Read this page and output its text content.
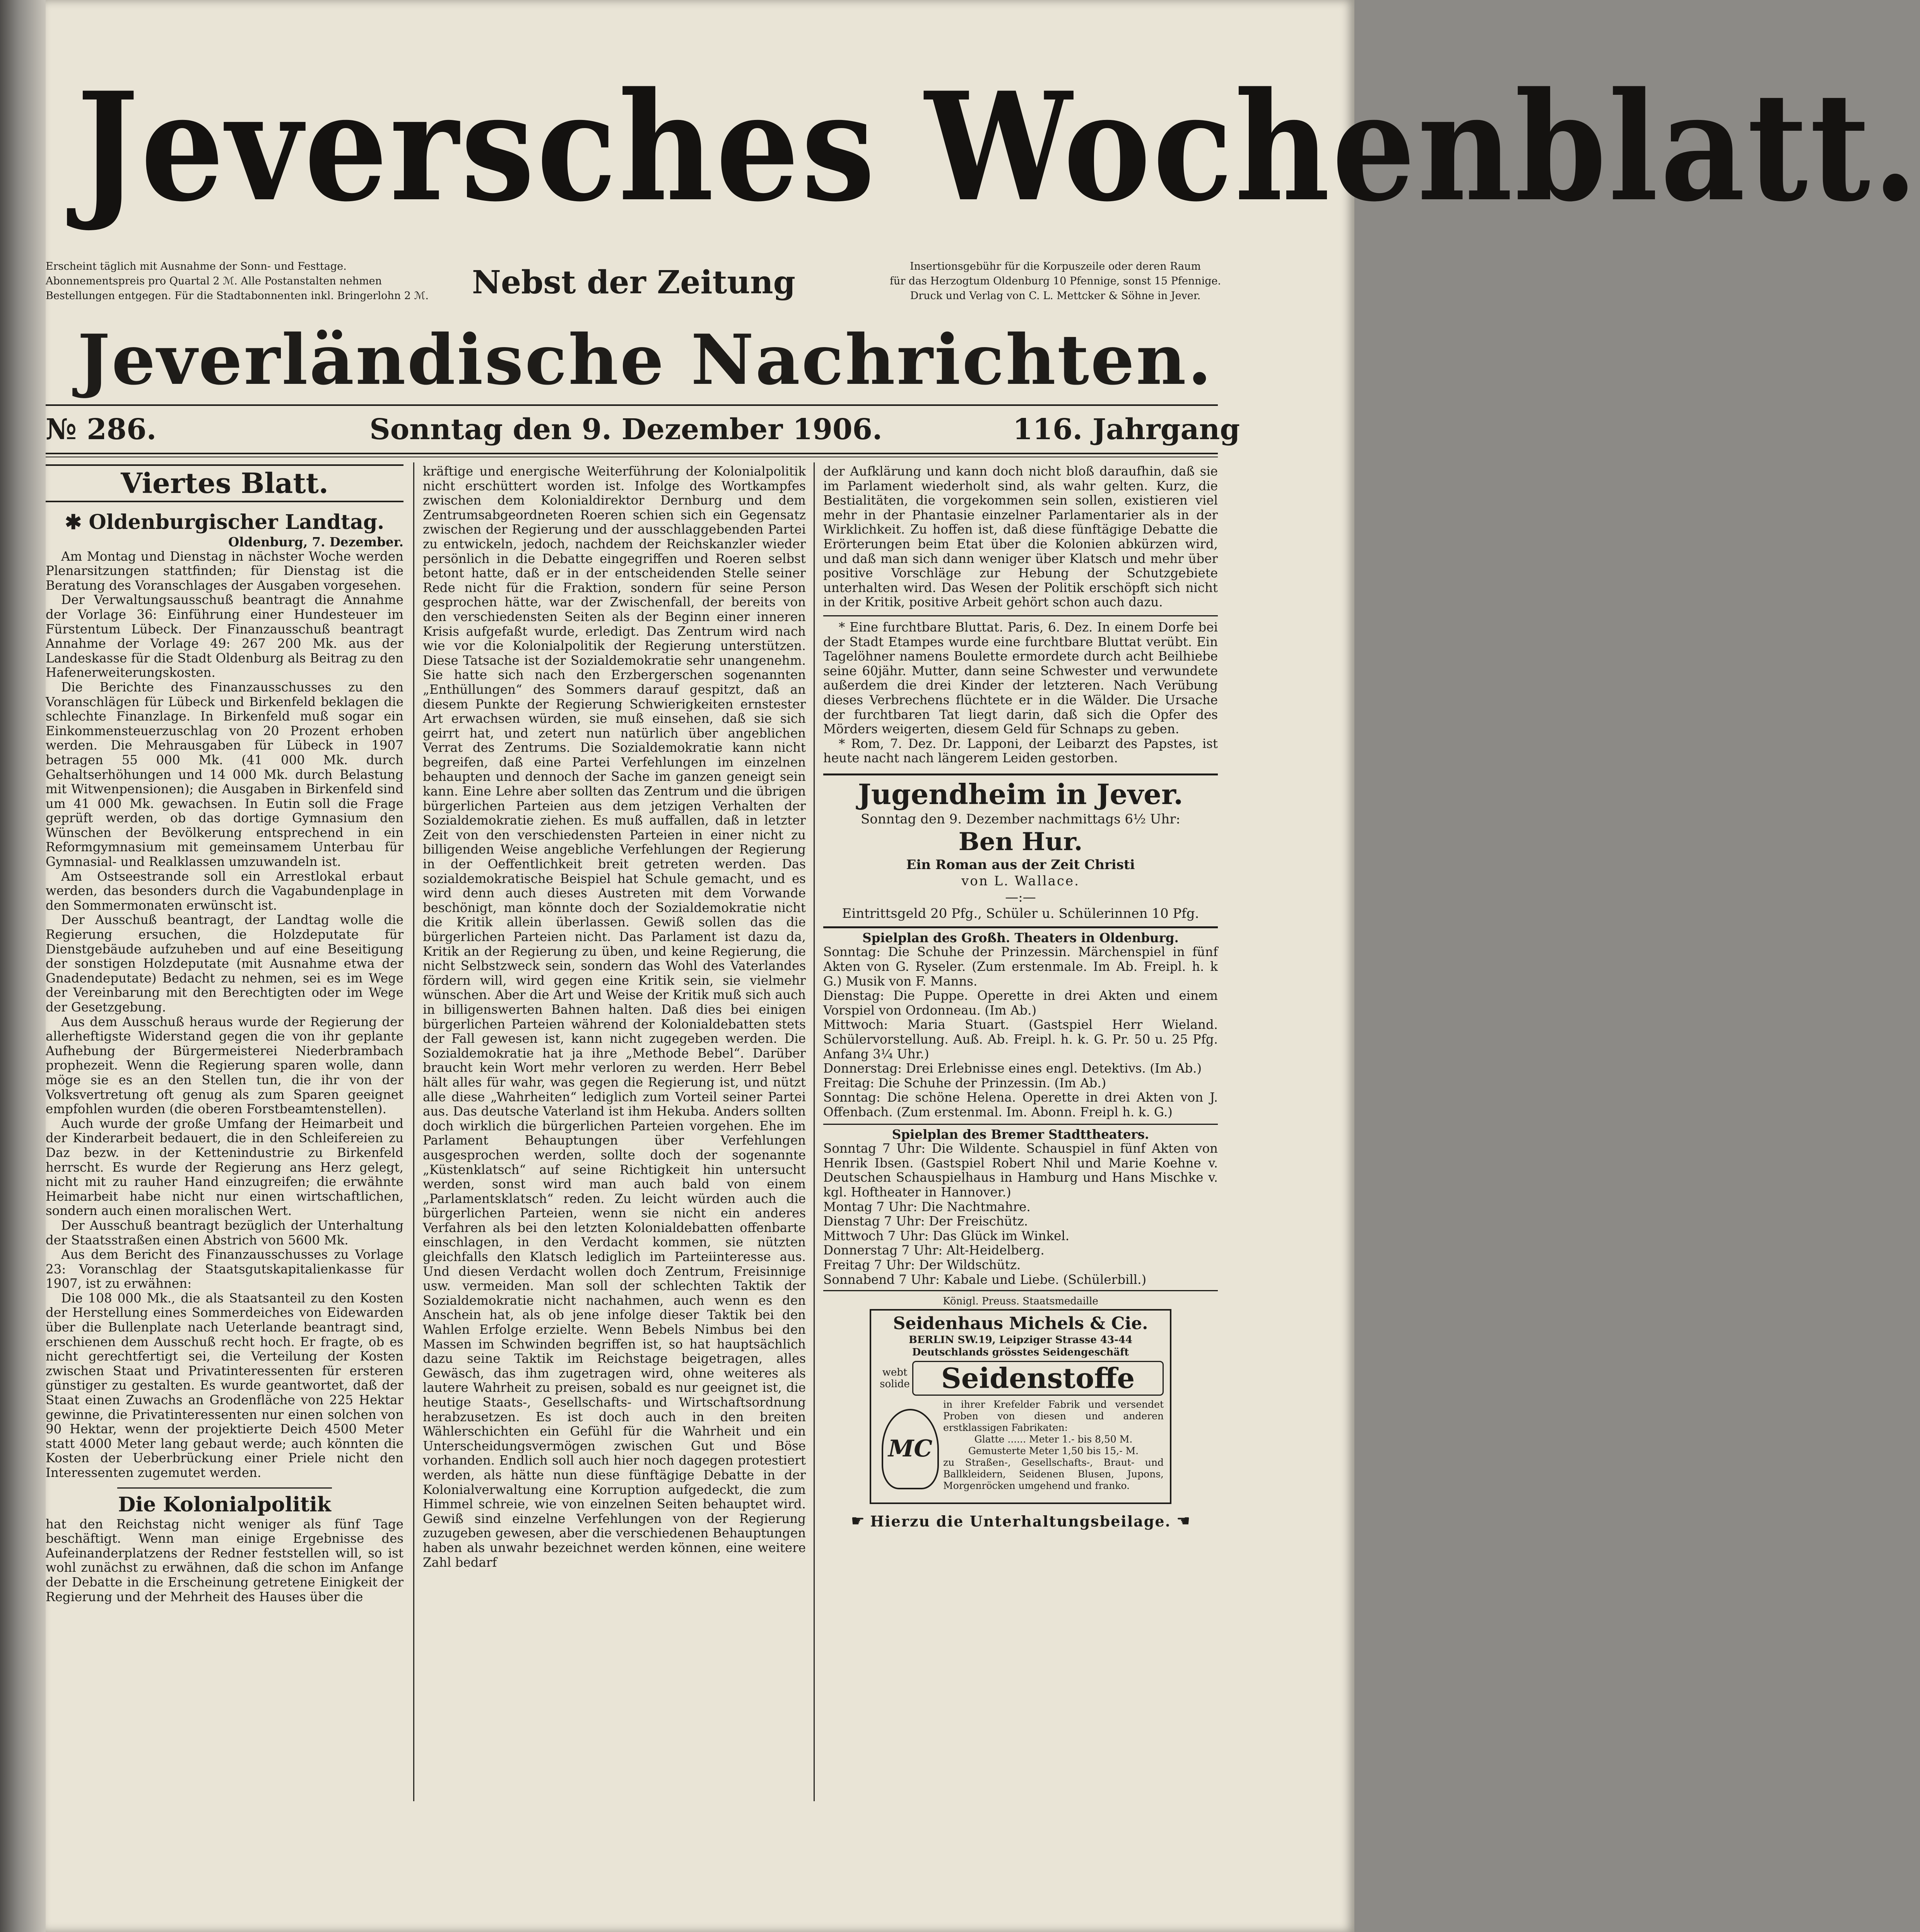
Jeversches Wochenblatt.
Erscheint täglich mit Ausnahme der Sonn- und Festtage.
Abonnementspreis pro Quartal 2 ℳ. Alle Postanstalten nehmen
Bestellungen entgegen. Für die Stadtabonnenten inkl. Bringerlohn 2 ℳ. Nebst der Zeitung	Insertionsgebühr für die Korpuszeile oder deren Raum
für das Herzogtum Oldenburg 10 Pfennige, sonst 15 Pfennige.
Druck und Verlag von C. L. Mettcker & Söhne in Jever.
Jeverländische Nachrichten.
№ 286.	Sonntag den 9. Dezember 1906.	116. Jahrgang
Viertes Blatt.
✱ Oldenburgischer Landtag.
Oldenburg, 7. Dezember.

Am Montag und Dienstag in nächster Woche werden Plenarsitzungen stattfinden; für Dienstag ist die Beratung des Voranschlages der Ausgaben vorgesehen.

Der Verwaltungsausschuß beantragt die Annahme der Vorlage 36: Einführung einer Hundesteuer im Fürstentum Lübeck. Der Finanzausschuß beantragt Annahme der Vorlage 49: 267 200 Mk. aus der Landeskasse für die Stadt Oldenburg als Beitrag zu den Hafenerweiterungskosten.

Die Berichte des Finanzausschusses zu den Voranschlägen für Lübeck und Birkenfeld beklagen die schlechte Finanzlage. In Birkenfeld muß sogar ein Einkommensteuerzuschlag von 20 Prozent erhoben werden. Die Mehrausgaben für Lübeck in 1907 betragen 55 000 Mk. (41 000 Mk. durch Gehaltserhöhungen und 14 000 Mk. durch Belastung mit Witwenpensionen); die Ausgaben in Birkenfeld sind um 41 000 Mk. gewachsen. In Eutin soll die Frage geprüft werden, ob das dortige Gymnasium den Wünschen der Bevölkerung entsprechend in ein Reformgymnasium mit gemeinsamem Unterbau für Gymnasial- und Realklassen umzuwandeln ist.

Am Ostseestrande soll ein Arrestlokal erbaut werden, das besonders durch die Vagabundenplage in den Sommermonaten erwünscht ist.

Der Ausschuß beantragt, der Landtag wolle die Regierung ersuchen, die Holzdeputate für Dienstgebäude aufzuheben und auf eine Beseitigung der sonstigen Holzdeputate (mit Ausnahme etwa der Gnadendeputate) Bedacht zu nehmen, sei es im Wege der Vereinbarung mit den Berechtigten oder im Wege der Gesetzgebung.

Aus dem Ausschuß heraus wurde der Regierung der allerheftigste Widerstand gegen die von ihr geplante Aufhebung der Bürgermeisterei Niederbrambach prophezeit. Wenn die Regierung sparen wolle, dann möge sie es an den Stellen tun, die ihr von der Volksvertretung oft genug als zum Sparen geeignet empfohlen wurden (die oberen Forstbeamtenstellen).

Auch wurde der große Umfang der Heimarbeit und der Kinderarbeit bedauert, die in den Schleifereien zu Daz bezw. in der Kettenindustrie zu Birkenfeld herrscht. Es wurde der Regierung ans Herz gelegt, nicht mit zu rauher Hand einzugreifen; die erwähnte Heimarbeit habe nicht nur einen wirtschaftlichen, sondern auch einen moralischen Wert.

Der Ausschuß beantragt bezüglich der Unterhaltung der Staatsstraßen einen Abstrich von 5600 Mk.

Aus dem Bericht des Finanzausschusses zu Vorlage 23: Voranschlag der Staatsgutskapitalienkasse für 1907, ist zu erwähnen:

Die 108 000 Mk., die als Staatsanteil zu den Kosten der Herstellung eines Sommerdeiches von Eidewarden über die Bullenplate nach Ueterlande beantragt sind, erschienen dem Ausschuß recht hoch. Er fragte, ob es nicht gerechtfertigt sei, die Verteilung der Kosten zwischen Staat und Privatinteressenten für ersteren günstiger zu gestalten. Es wurde geantwortet, daß der Staat einen Zuwachs an Grodenfläche von 225 Hektar gewinne, die Privatinteressenten nur einen solchen von 90 Hektar, wenn der projektierte Deich 4500 Meter statt 4000 Meter lang gebaut werde; auch könnten die Kosten der Ueberbrückung einer Priele nicht den Interessenten zugemutet werden.

Die Kolonialpolitik

hat den Reichstag nicht weniger als fünf Tage beschäftigt. Wenn man einige Ergebnisse des Aufeinanderplatzens der Redner feststellen will, so ist wohl zunächst zu erwähnen, daß die schon im Anfange der Debatte in die Erscheinung getretene Einigkeit der Regierung und der Mehrheit des Hauses über die

kräftige und energische Weiterführung der Kolonialpolitik nicht erschüttert worden ist. Infolge des Wortkampfes zwischen dem Kolonialdirektor Dernburg und dem Zentrumsabgeordneten Roeren schien sich ein Gegensatz zwischen der Regierung und der ausschlaggebenden Partei zu entwickeln, jedoch, nachdem der Reichskanzler wieder persönlich in die Debatte eingegriffen und Roeren selbst betont hatte, daß er in der entscheidenden Stelle seiner Rede nicht für die Fraktion, sondern für seine Person gesprochen hätte, war der Zwischenfall, der bereits von den verschiedensten Seiten als der Beginn einer inneren Krisis aufgefaßt wurde, erledigt. Das Zentrum wird nach wie vor die Kolonialpolitik der Regierung unterstützen. Diese Tatsache ist der Sozialdemokratie sehr unangenehm. Sie hatte sich nach den Erzbergerschen sogenannten „Enthüllungen“ des Sommers darauf gespitzt, daß an diesem Punkte der Regierung Schwierigkeiten ernstester Art erwachsen würden, sie muß einsehen, daß sie sich geirrt hat, und zetert nun natürlich über angeblichen Verrat des Zentrums. Die Sozialdemokratie kann nicht begreifen, daß eine Partei Verfehlungen im einzelnen behaupten und dennoch der Sache im ganzen geneigt sein kann. Eine Lehre aber sollten das Zentrum und die übrigen bürgerlichen Parteien aus dem jetzigen Verhalten der Sozialdemokratie ziehen. Es muß auffallen, daß in letzter Zeit von den verschiedensten Parteien in einer nicht zu billigenden Weise angebliche Verfehlungen der Regierung in der Oeffentlichkeit breit getreten werden. Das sozialdemokratische Beispiel hat Schule gemacht, und es wird denn auch dieses Austreten mit dem Vorwande beschönigt, man könnte doch der Sozialdemokratie nicht die Kritik allein überlassen. Gewiß sollen das die bürgerlichen Parteien nicht. Das Parlament ist dazu da, Kritik an der Regierung zu üben, und keine Regierung, die nicht Selbstzweck sein, sondern das Wohl des Vaterlandes fördern will, wird gegen eine Kritik sein, sie vielmehr wünschen. Aber die Art und Weise der Kritik muß sich auch in billigenswerten Bahnen halten. Daß dies bei einigen bürgerlichen Parteien während der Kolonialdebatten stets der Fall gewesen ist, kann nicht zugegeben werden. Die Sozialdemokratie hat ja ihre „Methode Bebel“. Darüber braucht kein Wort mehr verloren zu werden. Herr Bebel hält alles für wahr, was gegen die Regierung ist, und nützt alle diese „Wahrheiten“ lediglich zum Vorteil seiner Partei aus. Das deutsche Vaterland ist ihm Hekuba. Anders sollten doch wirklich die bürgerlichen Parteien vorgehen. Ehe im Parlament Behauptungen über Verfehlungen ausgesprochen werden, sollte doch der sogenannte „Küstenklatsch“ auf seine Richtigkeit hin untersucht werden, sonst wird man auch bald von einem „Parlamentsklatsch“ reden. Zu leicht würden auch die bürgerlichen Parteien, wenn sie nicht ein anderes Verfahren als bei den letzten Kolonialdebatten offenbarte einschlagen, in den Verdacht kommen, sie nützten gleichfalls den Klatsch lediglich im Parteiinteresse aus. Und diesen Verdacht wollen doch Zentrum, Freisinnige usw. vermeiden. Man soll der schlechten Taktik der Sozialdemokratie nicht nachahmen, auch wenn es den Anschein hat, als ob jene infolge dieser Taktik bei den Wahlen Erfolge erzielte. Wenn Bebels Nimbus bei den Massen im Schwinden begriffen ist, so hat hauptsächlich dazu seine Taktik im Reichstage beigetragen, alles Gewäsch, das ihm zugetragen wird, ohne weiteres als lautere Wahrheit zu preisen, sobald es nur geeignet ist, die heutige Staats-, Gesellschafts- und Wirtschaftsordnung herabzusetzen. Es ist doch auch in den breiten Wählerschichten ein Gefühl für die Wahrheit und ein Unterscheidungsvermögen zwischen Gut und Böse vorhanden. Endlich soll auch hier noch dagegen protestiert werden, als hätte nun diese fünftägige Debatte in der Kolonialverwaltung eine Korruption aufgedeckt, die zum Himmel schreie, wie von einzelnen Seiten behauptet wird. Gewiß sind einzelne Verfehlungen von der Regierung zuzugeben gewesen, aber die verschiedenen Behauptungen haben als unwahr bezeichnet werden können, eine weitere Zahl bedarf

der Aufklärung und kann doch nicht bloß daraufhin, daß sie im Parlament wiederholt sind, als wahr gelten. Kurz, die Bestialitäten, die vorgekommen sein sollen, existieren viel mehr in der Phantasie einzelner Parlamentarier als in der Wirklichkeit. Zu hoffen ist, daß diese fünftägige Debatte die Erörterungen beim Etat über die Kolonien abkürzen wird, und daß man sich dann weniger über Klatsch und mehr über positive Vorschläge zur Hebung der Schutzgebiete unterhalten wird. Das Wesen der Politik erschöpft sich nicht in der Kritik, positive Arbeit gehört schon auch dazu.

* Eine furchtbare Bluttat. Paris, 6. Dez. In einem Dorfe bei der Stadt Etampes wurde eine furchtbare Bluttat verübt. Ein Tagelöhner namens Boulette ermordete durch acht Beilhiebe seine 60jähr. Mutter, dann seine Schwester und verwundete außerdem die drei Kinder der letzteren. Nach Verübung dieses Verbrechens flüchtete er in die Wälder. Die Ursache der furchtbaren Tat liegt darin, daß sich die Opfer des Mörders weigerten, diesem Geld für Schnaps zu geben.

* Rom, 7. Dez. Dr. Lapponi, der Leibarzt des Papstes, ist heute nacht nach längerem Leiden gestorben.

Jugendheim in Jever.
Sonntag den 9. Dezember nachmittags 6½ Uhr:
Ben Hur.
Ein Roman aus der Zeit Christi
von L. Wallace.
—:—
Eintrittsgeld 20 Pfg., Schüler u. Schülerinnen 10 Pfg.
Spielplan des Großh. Theaters in Oldenburg.

Sonntag: Die Schuhe der Prinzessin. Märchenspiel in fünf Akten von G. Ryseler. (Zum erstenmale. Im Ab. Freipl. h. k G.) Musik von F. Manns.

Dienstag: Die Puppe. Operette in drei Akten und einem Vorspiel von Ordonneau. (Im Ab.)

Mittwoch: Maria Stuart. (Gastspiel Herr Wieland. Schülervorstellung. Auß. Ab. Freipl. h. k. G. Pr. 50 u. 25 Pfg. Anfang 3¼ Uhr.)

Donnerstag: Drei Erlebnisse eines engl. Detektivs. (Im Ab.)

Freitag: Die Schuhe der Prinzessin. (Im Ab.)

Sonntag: Die schöne Helena. Operette in drei Akten von J. Offenbach. (Zum erstenmal. Im. Abonn. Freipl h. k. G.)

Spielplan des Bremer Stadttheaters.

Sonntag 7 Uhr: Die Wildente. Schauspiel in fünf Akten von Henrik Ibsen. (Gastspiel Robert Nhil und Marie Koehne v. Deutschen Schauspielhaus in Hamburg und Hans Mischke v. kgl. Hoftheater in Hannover.)

Montag 7 Uhr: Die Nachtmahre.

Dienstag 7 Uhr: Der Freischütz.

Mittwoch 7 Uhr: Das Glück im Winkel.

Donnerstag 7 Uhr: Alt-Heidelberg.

Freitag 7 Uhr: Der Wildschütz.

Sonnabend 7 Uhr: Kabale und Liebe. (Schülerbill.)

Königl. Preuss. Staatsmedaille
Seidenhaus Michels & Cie.
BERLIN SW.19, Leipziger Strasse 43-44
Deutschlands grösstes Seidengeschäft
webt solide	Seidenstoffe
MC
in ihrer Krefelder Fabrik und versendet Proben von diesen und anderen erstklassigen Fabrikaten:
Glatte ...... Meter 1.- bis 8,50 M.
Gemusterte Meter 1,50 bis 15,- M.
zu Straßen-, Gesellschafts-, Braut- und Ballkleidern, Seidenen Blusen, Jupons, Morgenröcken umgehend und franko.
☛ Hierzu die Unterhaltungsbeilage. ☚
